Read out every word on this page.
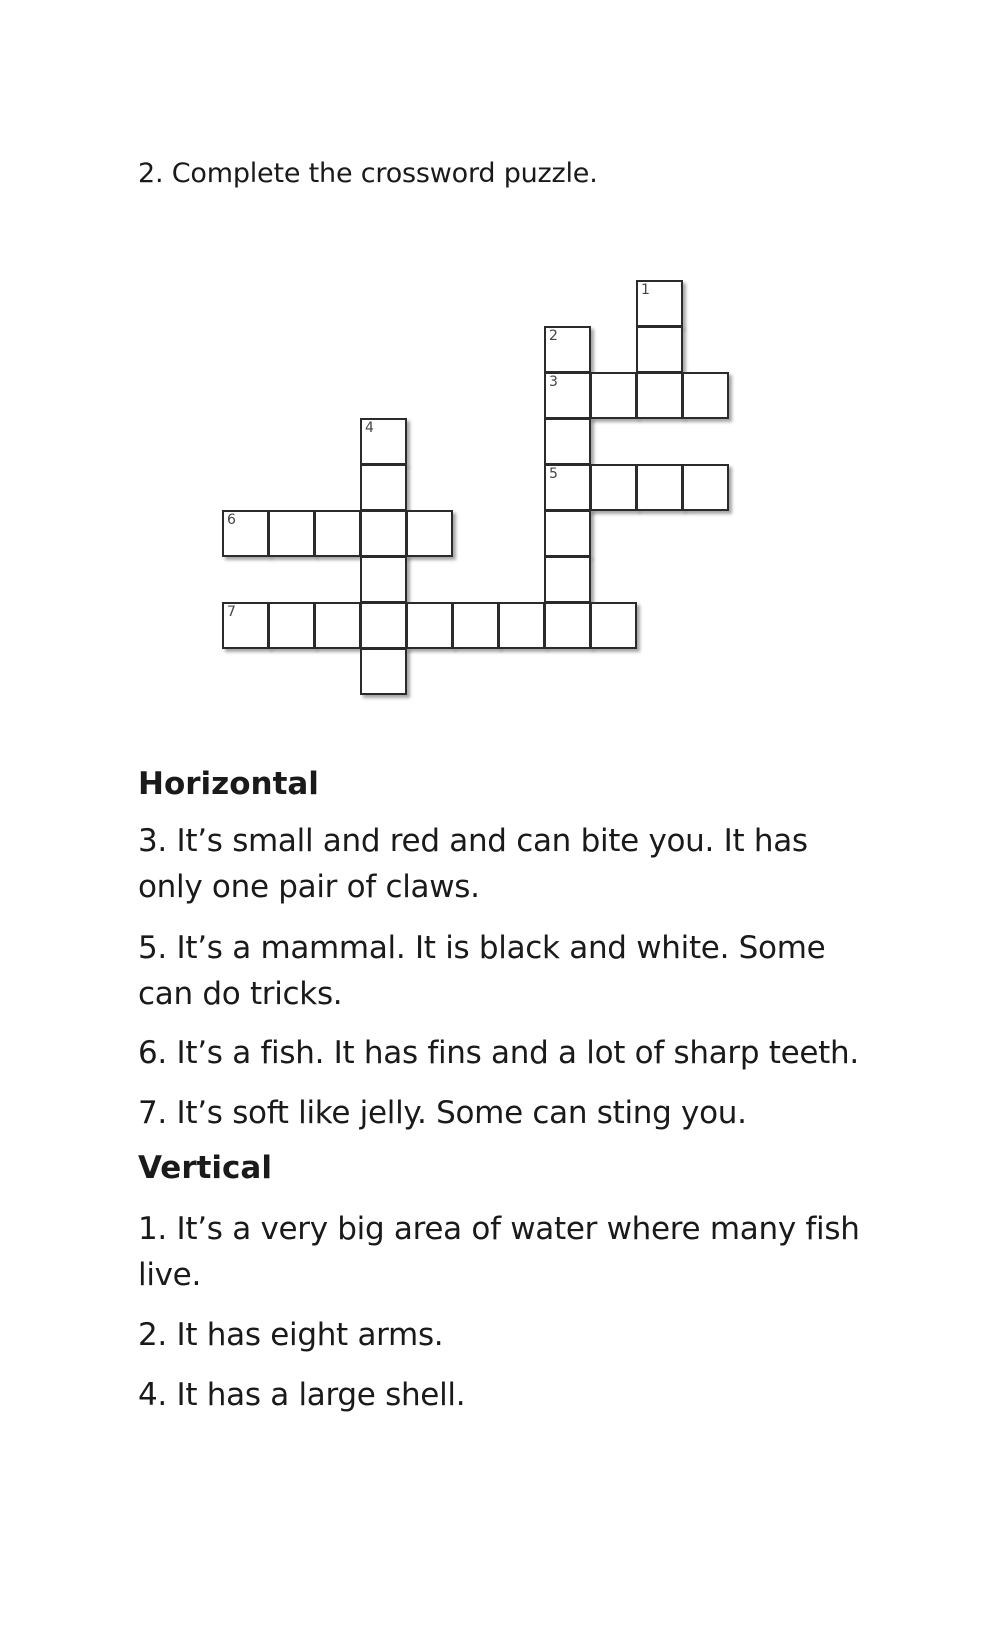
2. Complete the crossword puzzle.
1
2
3
4
5
6
7
Horizontal
3. It’s small and red and can bite you. It has only one pair of claws.
5. It’s a mammal. It is black and white. Some can do tricks.
6. It’s a fish. It has fins and a lot of sharp teeth.
7. It’s soft like jelly. Some can sting you.
Vertical
1. It’s a very big area of water where many fish live.
2. It has eight arms.
4. It has a large shell.
